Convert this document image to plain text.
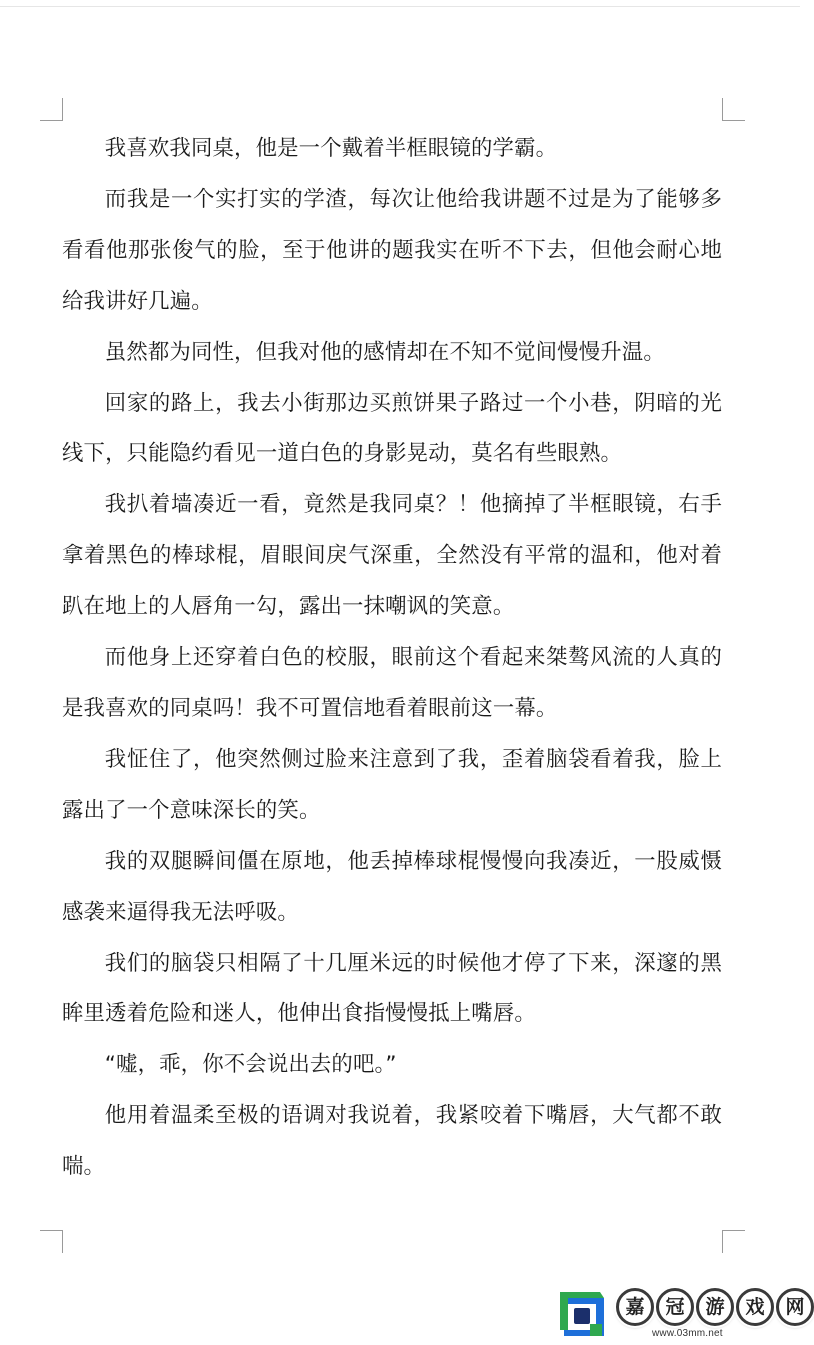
我喜欢我同桌，他是一个戴着半框眼镜的学霸。

而我是一个实打实的学渣，每次让他给我讲题不过是为了能够多看看他那张俊气的脸，至于他讲的题我实在听不下去，但他会耐心地给我讲好几遍。

虽然都为同性，但我对他的感情却在不知不觉间慢慢升温。

回家的路上，我去小街那边买煎饼果子路过一个小巷，阴暗的光线下，只能隐约看见一道白色的身影晃动，莫名有些眼熟。

我扒着墙凑近一看，竟然是我同桌？！他摘掉了半框眼镜，右手拿着黑色的棒球棍，眉眼间戾气深重，全然没有平常的温和，他对着趴在地上的人唇角一勾，露出一抹嘲讽的笑意。

而他身上还穿着白色的校服，眼前这个看起来桀骜风流的人真的是我喜欢的同桌吗！我不可置信地看着眼前这一幕。

我怔住了，他突然侧过脸来注意到了我，歪着脑袋看着我，脸上露出了一个意味深长的笑。

我的双腿瞬间僵在原地，他丢掉棒球棍慢慢向我凑近，一股威慑感袭来逼得我无法呼吸。

我们的脑袋只相隔了十几厘米远的时候他才停了下来，深邃的黑眸里透着危险和迷人，他伸出食指慢慢抵上嘴唇。

“嘘，乖，你不会说出去的吧。”

他用着温柔至极的语调对我说着，我紧咬着下嘴唇，大气都不敢喘。

嘉	冠	游	戏	网
www.03mm.net
